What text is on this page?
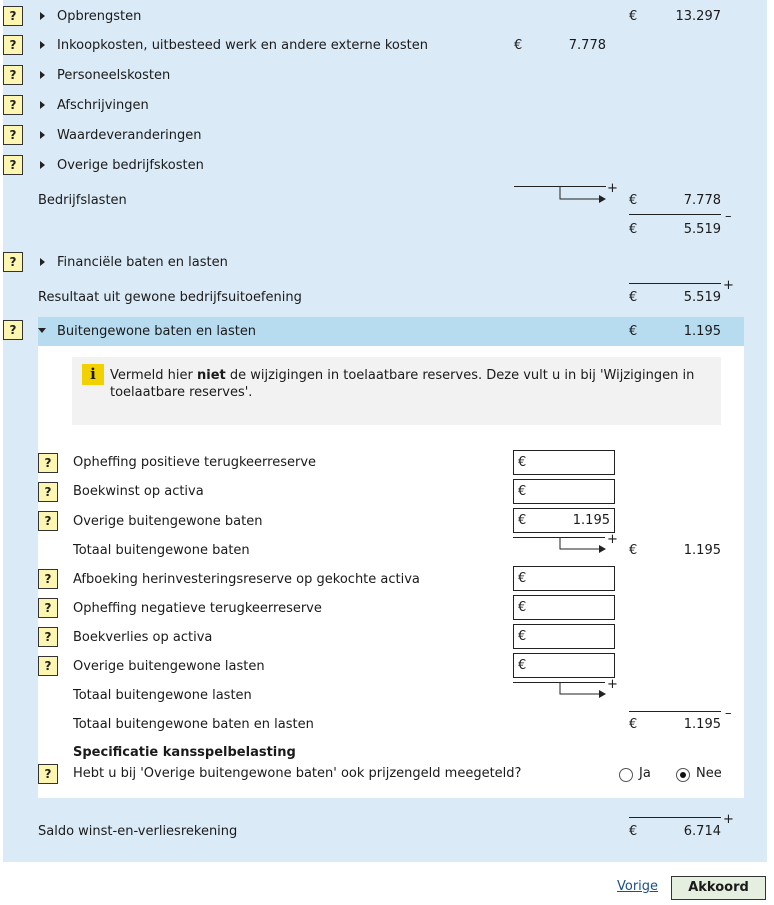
?	Opbrengsten	€	13.297
?	Inkoopkosten, uitbesteed werk en andere externe kosten	€	7.778
?	Personeelskosten
?	Afschrijvingen
?	Waardeveranderingen
?	Overige bedrijfskosten
+
Bedrijfslasten	€	7.778
–
€	5.519
?	Financiële baten en lasten
+
Resultaat uit gewone bedrijfsuitoefening	€	5.519
?	Buitengewone baten en lasten	€	1.195
i	Vermeld hier niet de wijzigingen in toelaatbare reserves. Deze vult u in bij 'Wijzigingen in toelaatbare reserves'.
?	Opheffing positieve terugkeerreserve	€
?	Boekwinst op activa	€
?	Overige buitengewone baten	€	1.195
+
Totaal buitengewone baten	€	1.195
?	Afboeking herinvesteringsreserve op gekochte activa	€
?	Opheffing negatieve terugkeerreserve	€
?	Boekverlies op activa	€
?	Overige buitengewone lasten	€
+
Totaal buitengewone lasten
–
Totaal buitengewone baten en lasten	€	1.195
Specificatie kansspelbelasting
?	Hebt u bij 'Overige buitengewone baten' ook prijzengeld meegeteld?	Ja	Nee
+
Saldo winst-en-verliesrekening	€	6.714
Vorige	Akkoord
